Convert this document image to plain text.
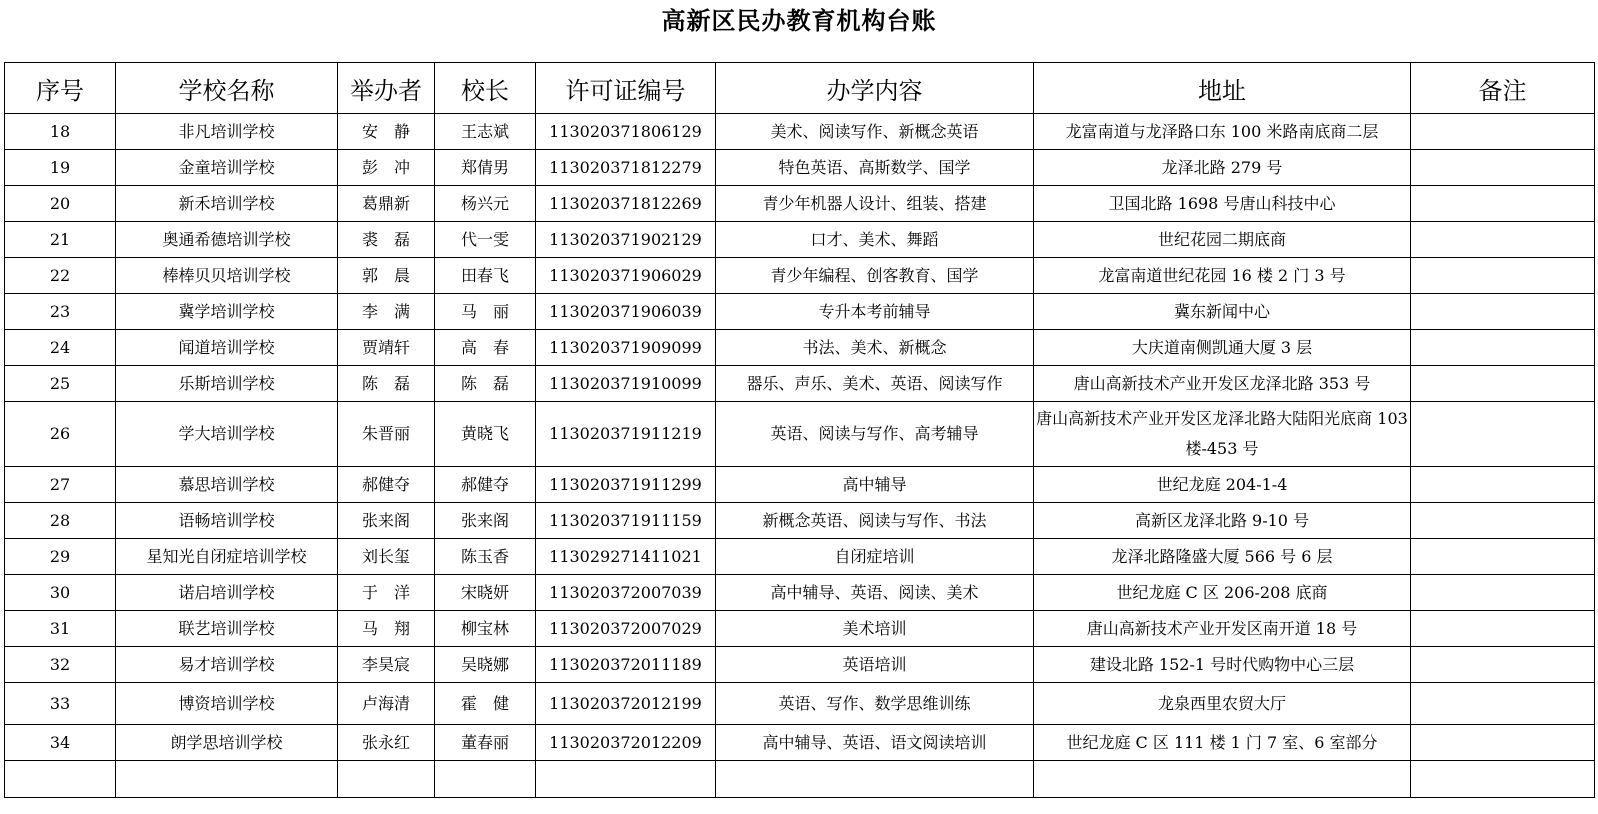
高新区民办教育机构台账
序号	学校名称	举办者	校长	许可证编号	办学内容	地址	备注
18	非凡培训学校	安　静	王志斌	113020371806129	美术、阅读写作、新概念英语	龙富南道与龙泽路口东 100 米路南底商二层	
19	金童培训学校	彭　冲	郑倩男	113020371812279	特色英语、高斯数学、国学	龙泽北路 279 号	
20	新禾培训学校	葛鼎新	杨兴元	113020371812269	青少年机器人设计、组装、搭建	卫国北路 1698 号唐山科技中心	
21	奥通希德培训学校	裘　磊	代一雯	113020371902129	口才、美术、舞蹈	世纪花园二期底商	
22	棒棒贝贝培训学校	郭　晨	田春飞	113020371906029	青少年编程、创客教育、国学	龙富南道世纪花园 16 楼 2 门 3 号	
23	冀学培训学校	李　满	马　丽	113020371906039	专升本考前辅导	冀东新闻中心	
24	闻道培训学校	贾靖轩	高　春	113020371909099	书法、美术、新概念	大庆道南侧凯通大厦 3 层	
25	乐斯培训学校	陈　磊	陈　磊	113020371910099	器乐、声乐、美术、英语、阅读写作	唐山高新技术产业开发区龙泽北路 353 号	
26	学大培训学校	朱晋丽	黄晓飞	113020371911219	英语、阅读与写作、高考辅导	唐山高新技术产业开发区龙泽北路大陆阳光底商 103 楼-453 号	
27	慕思培训学校	郝健夺	郝健夺	113020371911299	高中辅导	世纪龙庭 204-1-4	
28	语畅培训学校	张来阁	张来阁	113020371911159	新概念英语、阅读与写作、书法	高新区龙泽北路 9-10 号	
29	星知光自闭症培训学校	刘长玺	陈玉香	113029271411021	自闭症培训	龙泽北路隆盛大厦 566 号 6 层	
30	诺启培训学校	于　洋	宋晓妍	113020372007039	高中辅导、英语、阅读、美术	世纪龙庭 C 区 206-208 底商	
31	联艺培训学校	马　翔	柳宝林	113020372007029	美术培训	唐山高新技术产业开发区南开道 18 号	
32	易才培训学校	李昊宸	吴晓娜	113020372011189	英语培训	建设北路 152-1 号时代购物中心三层	
33	博资培训学校	卢海清	霍　健	113020372012199	英语、写作、数学思维训练	龙泉西里农贸大厅	
34	朗学思培训学校	张永红	董春丽	113020372012209	高中辅导、英语、语文阅读培训	世纪龙庭 C 区 111 楼 1 门 7 室、6 室部分	
